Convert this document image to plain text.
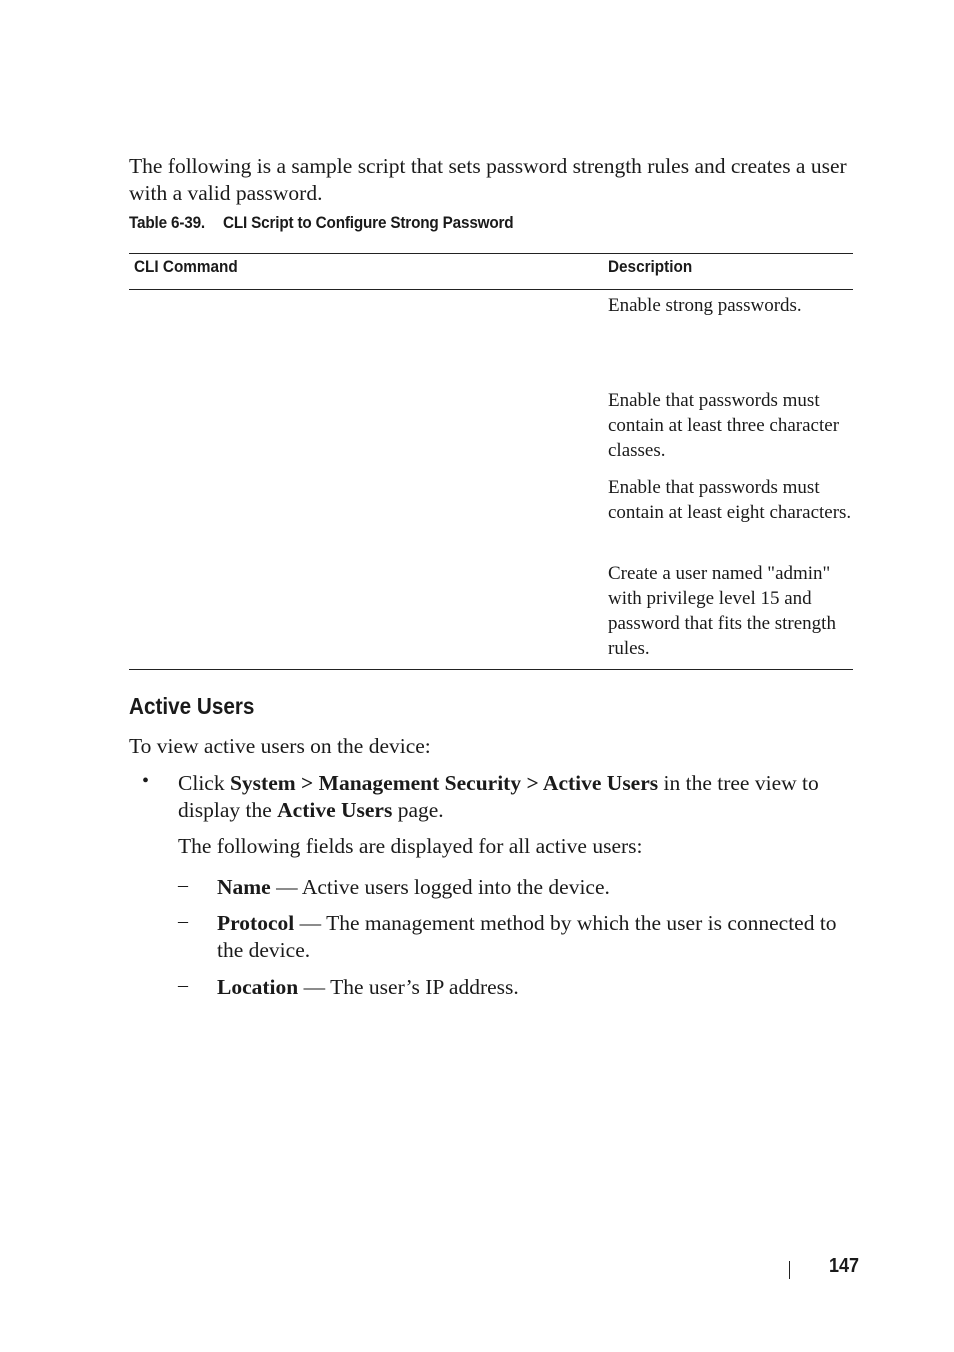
The following is a sample script that sets password strength rules and creates a user with a valid password.

Table 6-39. CLI Script to Configure Strong Password
CLI Command	Description
Enable strong passwords.
Enable that passwords must contain at least three character classes.
Enable that passwords must contain at least eight characters.
Create a user named "admin" with privilege level 15 and password that fits the strength rules.
Active Users

To view active users on the device:

• Click System > Management Security > Active Users in the tree view to display the Active Users page.

The following fields are displayed for all active users:

– Name — Active users logged into the device.

– Protocol — The management method by which the user is connected to the device.

– Location — The user’s IP address.

147
